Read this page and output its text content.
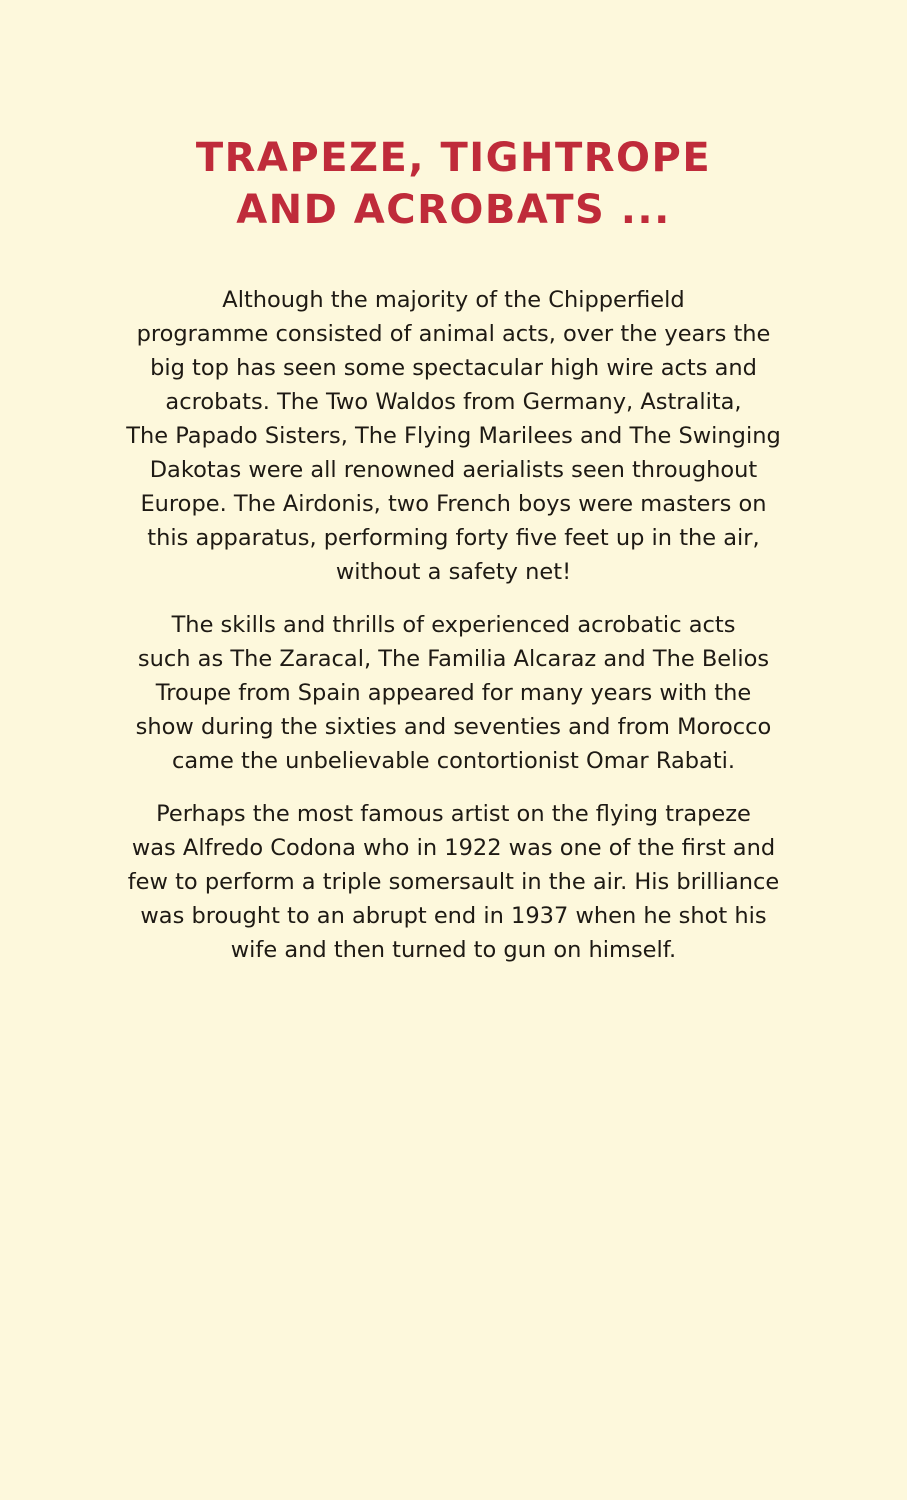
TRAPEZE, TIGHTROPE
AND ACROBATS ...

Although the majority of the Chipperfield
programme consisted of animal acts, over the years the
big top has seen some spectacular high wire acts and
acrobats. The Two Waldos from Germany, Astralita,
The Papado Sisters, The Flying Marilees and The Swinging
Dakotas were all renowned aerialists seen throughout
Europe. The Airdonis, two French boys were masters on
this apparatus, performing forty five feet up in the air,
without a safety net!

The skills and thrills of experienced acrobatic acts
such as The Zaracal, The Familia Alcaraz and The Belios
Troupe from Spain appeared for many years with the
show during the sixties and seventies and from Morocco
came the unbelievable contortionist Omar Rabati.

Perhaps the most famous artist on the flying trapeze
was Alfredo Codona who in 1922 was one of the first and
few to perform a triple somersault in the air. His brilliance
was brought to an abrupt end in 1937 when he shot his
wife and then turned to gun on himself.
